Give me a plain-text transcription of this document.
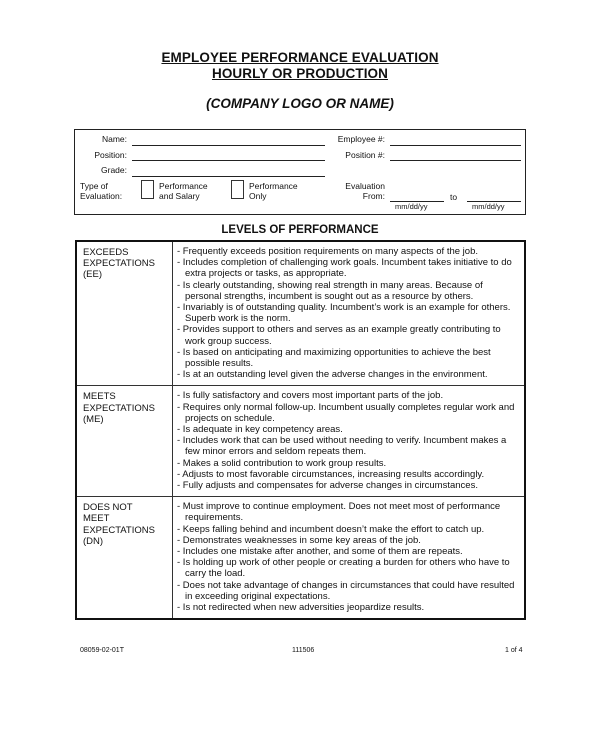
EMPLOYEE PERFORMANCE EVALUATION
HOURLY OR PRODUCTION
(COMPANY LOGO OR NAME)
Name:
Position:
Grade:
Type of
Evaluation:
Performance
and Salary
Performance
Only
Employee #:
Position #:
Evaluation
From:
mm/dd/yy
to
mm/dd/yy
LEVELS OF PERFORMANCE
EXCEEDS
EXPECTATIONS
(EE)
- Frequently exceeds position requirements on many aspects of the job.
- Includes completion of challenging work goals. Incumbent takes initiative to do extra projects or tasks, as appropriate.
- Is clearly outstanding, showing real strength in many areas. Because of personal strengths, incumbent is sought out as a resource by others.
- Invariably is of outstanding quality. Incumbent’s work is an example for others. Superb work is the norm.
- Provides support to others and serves as an example greatly contributing to work group success.
- Is based on anticipating and maximizing opportunities to achieve the best possible results.
- Is at an outstanding level given the adverse changes in the environment.
MEETS
EXPECTATIONS
(ME)
- Is fully satisfactory and covers most important parts of the job.
- Requires only normal follow-up. Incumbent usually completes regular work and projects on schedule.
- Is adequate in key competency areas.
- Includes work that can be used without needing to verify. Incumbent makes a few minor errors and seldom repeats them.
- Makes a solid contribution to work group results.
- Adjusts to most favorable circumstances, increasing results accordingly.
- Fully adjusts and compensates for adverse changes in circumstances.
DOES NOT
MEET
EXPECTATIONS
(DN)
- Must improve to continue employment. Does not meet most of performance requirements.
- Keeps falling behind and incumbent doesn’t make the effort to catch up.
- Demonstrates weaknesses in some key areas of the job.
- Includes one mistake after another, and some of them are repeats.
- Is holding up work of other people or creating a burden for others who have to carry the load.
- Does not take advantage of changes in circumstances that could have resulted in exceeding original expectations.
- Is not redirected when new adversities jeopardize results.
08059-02-01T	111506	1 of 4
